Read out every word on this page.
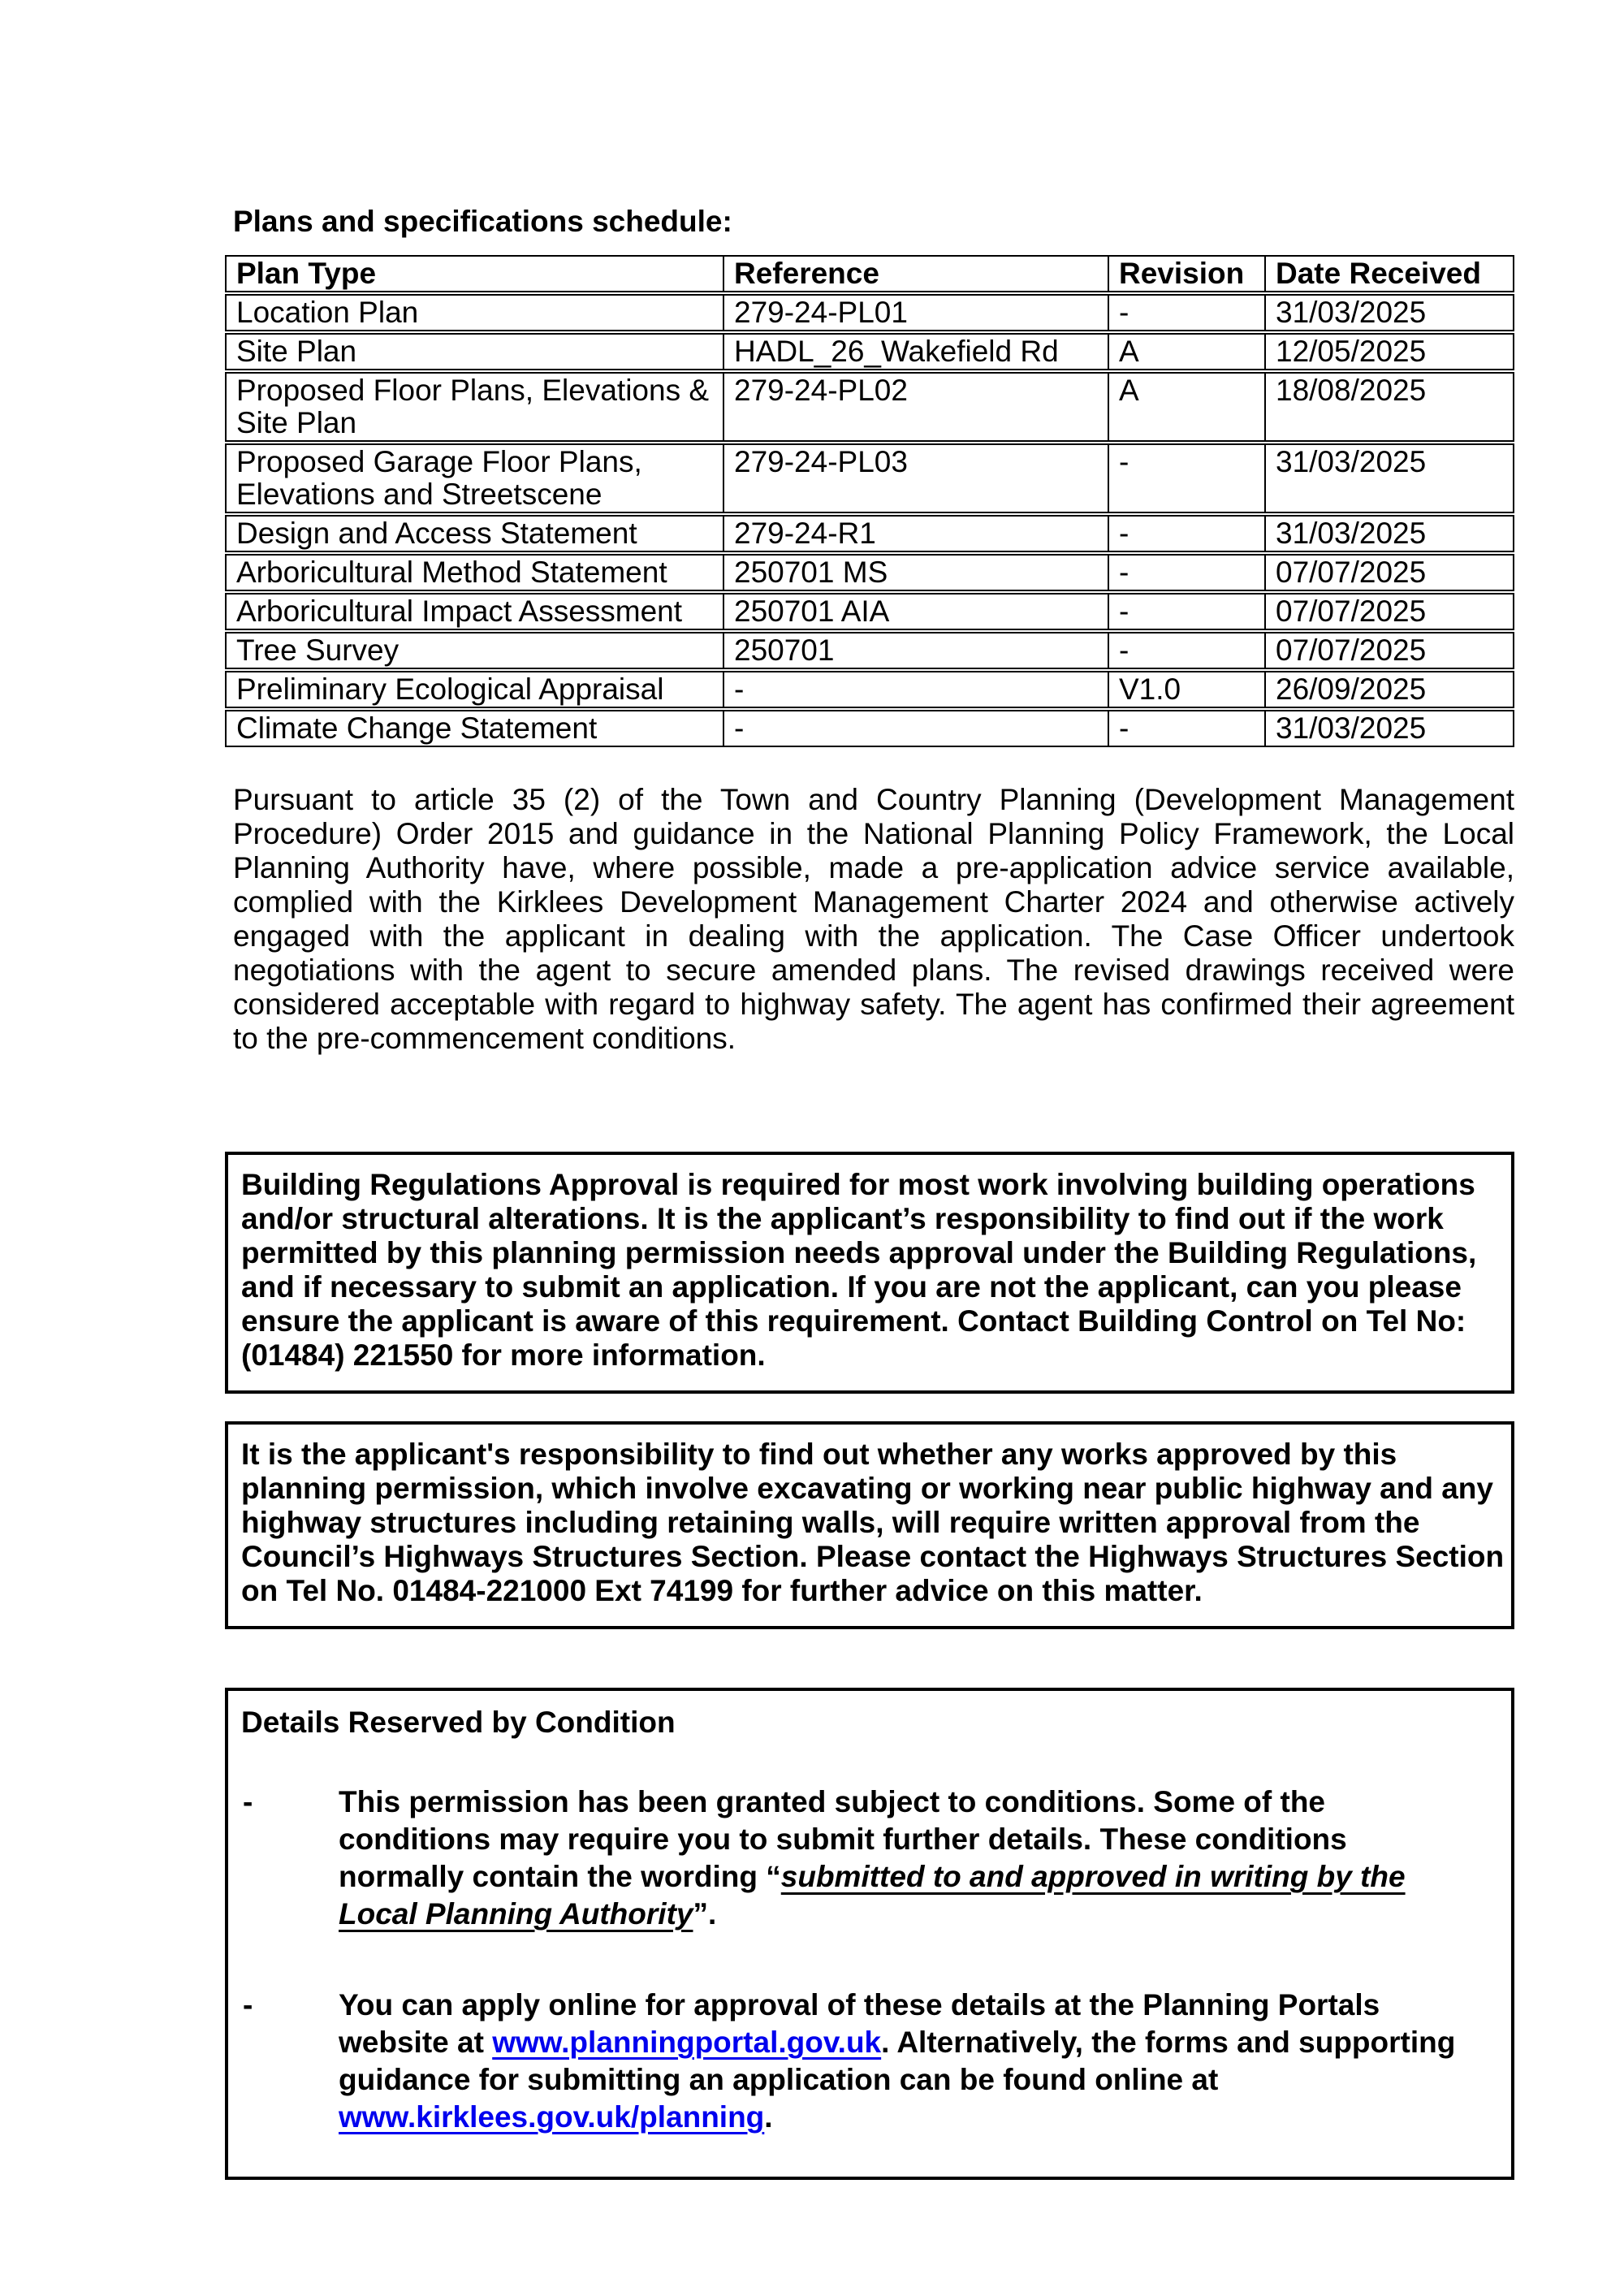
Plans and specifications schedule:
Plan Type	Reference	Revision	Date Received
Location Plan	279-24-PL01	-	31/03/2025
Site Plan	HADL_26_Wakefield Rd	A	12/05/2025
Proposed Floor Plans, Elevations & Site Plan	279-24-PL02	A	18/08/2025
Proposed Garage Floor Plans, Elevations and Streetscene	279-24-PL03	-	31/03/2025
Design and Access Statement	279-24-R1	-	31/03/2025
Arboricultural Method Statement	250701 MS	-	07/07/2025
Arboricultural Impact Assessment	250701 AIA	-	07/07/2025
Tree Survey	250701	-	07/07/2025
Preliminary Ecological Appraisal	-	V1.0	26/09/2025
Climate Change Statement	-	-	31/03/2025

Pursuant to article 35 (2) of the Town and Country Planning (Development Management Procedure) Order 2015 and guidance in the National Planning Policy Framework, the Local Planning Authority have, where possible, made a pre-application advice service available, complied with the Kirklees Development Management Charter 2024 and otherwise actively engaged with the applicant in dealing with the application. The Case Officer undertook negotiations with the agent to secure amended plans. The revised drawings received were considered acceptable with regard to highway safety. The agent has confirmed their agreement to the pre-commencement conditions.

Building Regulations Approval is required for most work involving building operations and/or structural alterations. It is the applicant’s responsibility to find out if the work permitted by this planning permission needs approval under the Building Regulations, and if necessary to submit an application. If you are not the applicant, can you please ensure the applicant is aware of this requirement. Contact Building Control on Tel No: (01484) 221550 for more information.
It is the applicant's responsibility to find out whether any works approved by this planning permission, which involve excavating or working near public highway and any highway structures including retaining walls, will require written approval from the Council’s Highways Structures Section. Please contact the Highways Structures Section on Tel No. 01484-221000 Ext 74199 for further advice on this matter.
Details Reserved by Condition
-	This permission has been granted subject to conditions. Some of the conditions may require you to submit further details. These conditions normally contain the wording “submitted to and approved in writing by the Local Planning Authority”.
-	You can apply online for approval of these details at the Planning Portals website at www.planningportal.gov.uk. Alternatively, the forms and supporting guidance for submitting an application can be found online at www.kirklees.gov.uk/planning.
